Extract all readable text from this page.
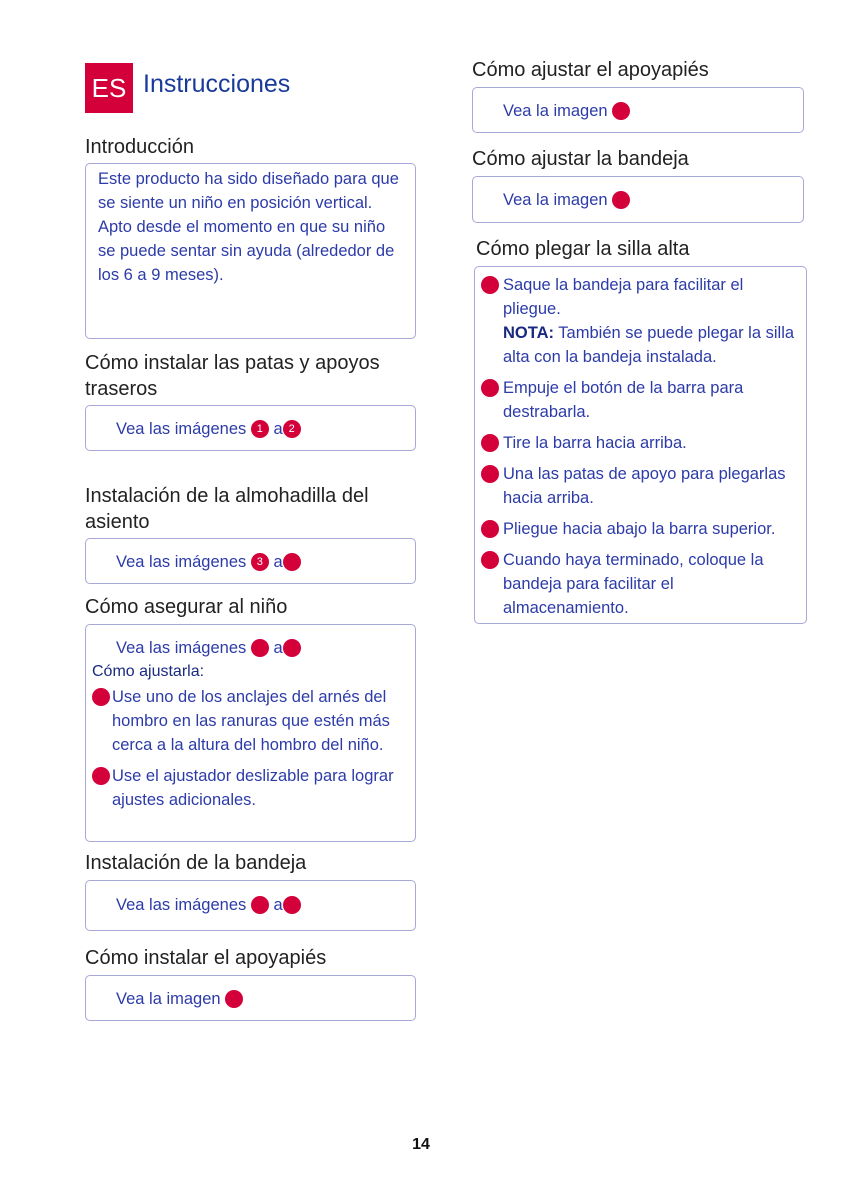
ES Instrucciones
Introducción
Este producto ha sido diseñado para que se siente un niño en posición vertical. Apto desde el momento en que su niño se puede sentar sin ayuda (alrededor de los 6 a 9 meses).
Cómo instalar las patas y apoyos traseros
Vea las imágenes
1
a 2
Instalación de la almohadilla del asiento
Vea las imágenes
3
a
Cómo asegurar al niño
Vea las imágenes

a
Cómo ajustarla:
Use uno de los anclajes del arnés del hombro en las ranuras que estén más cerca a la altura del hombro del niño.
Use el ajustador deslizable para lograr ajustes adicionales.
Instalación de la bandeja
Vea las imágenes

a
Cómo instalar el apoyapiés
Vea la imagen

Cómo ajustar el apoyapiés
Vea la imagen

Cómo ajustar la bandeja
Vea la imagen

Cómo plegar la silla alta
Saque la bandeja para facilitar el pliegue.
NOTA: También se puede plegar la silla alta con la bandeja instalada.
Empuje el botón de la barra para destrabarla.
Tire la barra hacia arriba.
Una las patas de apoyo para plegarlas hacia arriba.
Pliegue hacia abajo la barra superior.
Cuando haya terminado, coloque la bandeja para facilitar el almacenamiento.
14
